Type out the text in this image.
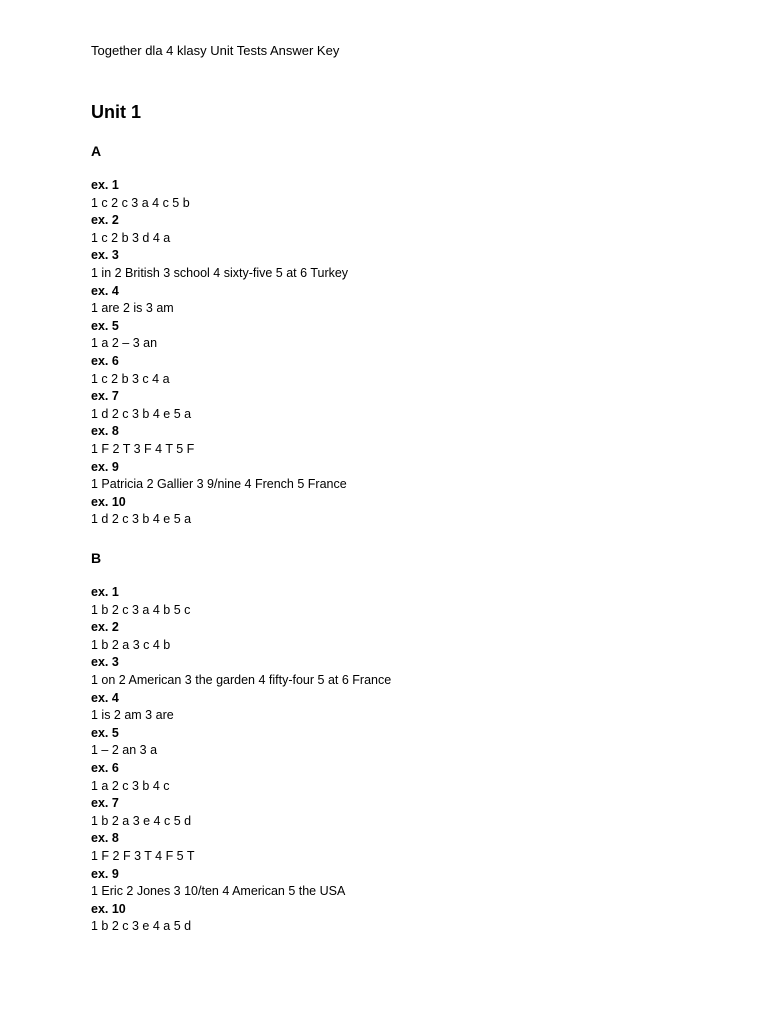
Together dla 4 klasy Unit Tests Answer Key
Unit 1
A
ex. 1
1 c 2 c 3 a 4 c 5 b
ex. 2
1 c 2 b 3 d 4 a
ex. 3
1 in 2 British 3 school 4 sixty-five 5 at 6 Turkey
ex. 4
1 are 2 is 3 am
ex. 5
1 a 2 – 3 an
ex. 6
1 c 2 b 3 c 4 a
ex. 7
1 d 2 c 3 b 4 e 5 a
ex. 8
1 F 2 T 3 F 4 T 5 F
ex. 9
1 Patricia 2 Gallier 3 9/nine 4 French 5 France
ex. 10
1 d 2 c 3 b 4 e 5 a
B
ex. 1
1 b 2 c 3 a 4 b 5 c
ex. 2
1 b 2 a 3 c 4 b
ex. 3
1 on 2 American 3 the garden 4 fifty-four 5 at 6 France
ex. 4
1 is 2 am 3 are
ex. 5
1 – 2 an 3 a
ex. 6
1 a 2 c 3 b 4 c
ex. 7
1 b 2 a 3 e 4 c 5 d
ex. 8
1 F 2 F 3 T 4 F 5 T
ex. 9
1 Eric 2 Jones 3 10/ten 4 American 5 the USA
ex. 10
1 b 2 c 3 e 4 a 5 d
